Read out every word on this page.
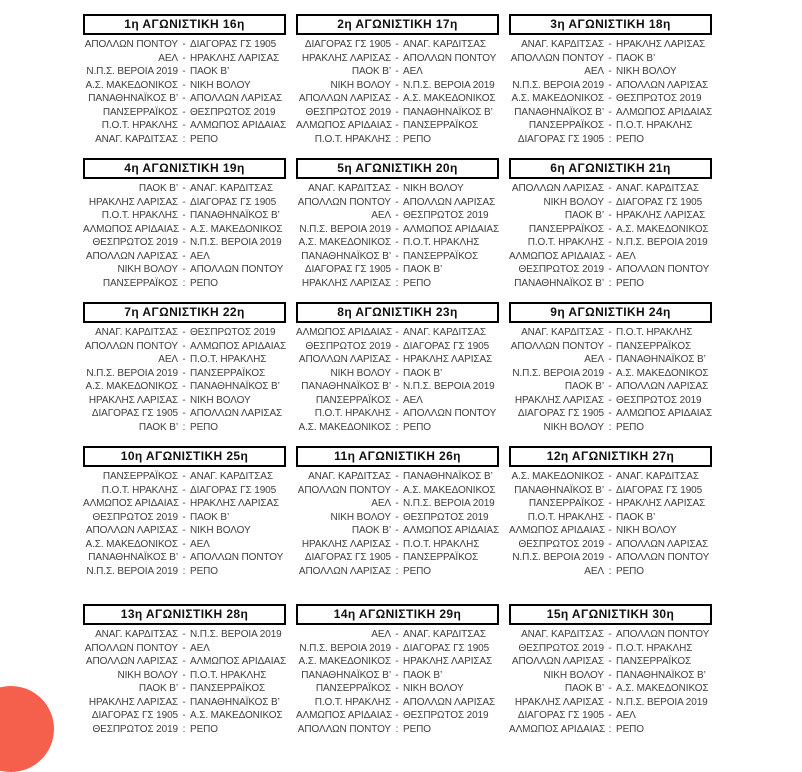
1η ΑΓΩΝΙΣΤΙΚΗ 16η
ΑΠΟΛΛΩΝ ΠΟΝΤΟΥ - ΔΙΑΓΟΡΑΣ ΓΣ 1905
ΑΕΛ - ΗΡΑΚΛΗΣ ΛΑΡΙΣΑΣ
Ν.Π.Σ. ΒΕΡΟΙΑ 2019 - ΠΑΟΚ Β’
Α.Σ. ΜΑΚΕΔΟΝΙΚΟΣ - ΝΙΚΗ ΒΟΛΟΥ
ΠΑΝΑΘΗΝΑΪΚΟΣ Β’ - ΑΠΟΛΛΩΝ ΛΑΡΙΣΑΣ
ΠΑΝΣΕΡΡΑΪΚΟΣ - ΘΕΣΠΡΩΤΟΣ 2019
Π.Ο.Τ. ΗΡΑΚΛΗΣ - ΑΛΜΩΠΟΣ ΑΡΙΔΑΙΑΣ
ΑΝΑΓ. ΚΑΡΔΙΤΣΑΣ : ΡΕΠΟ
2η ΑΓΩΝΙΣΤΙΚΗ 17η
ΔΙΑΓΟΡΑΣ ΓΣ 1905 - ΑΝΑΓ. ΚΑΡΔΙΤΣΑΣ
ΗΡΑΚΛΗΣ ΛΑΡΙΣΑΣ - ΑΠΟΛΛΩΝ ΠΟΝΤΟΥ
ΠΑΟΚ Β’ - ΑΕΛ
ΝΙΚΗ ΒΟΛΟΥ - Ν.Π.Σ. ΒΕΡΟΙΑ 2019
ΑΠΟΛΛΩΝ ΛΑΡΙΣΑΣ - Α.Σ. ΜΑΚΕΔΟΝΙΚΟΣ
ΘΕΣΠΡΩΤΟΣ 2019 - ΠΑΝΑΘΗΝΑΪΚΟΣ Β’
ΑΛΜΩΠΟΣ ΑΡΙΔΑΙΑΣ - ΠΑΝΣΕΡΡΑΪΚΟΣ
Π.Ο.Τ. ΗΡΑΚΛΗΣ : ΡΕΠΟ
3η ΑΓΩΝΙΣΤΙΚΗ 18η
ΑΝΑΓ. ΚΑΡΔΙΤΣΑΣ - ΗΡΑΚΛΗΣ ΛΑΡΙΣΑΣ
ΑΠΟΛΛΩΝ ΠΟΝΤΟΥ - ΠΑΟΚ Β’
ΑΕΛ - ΝΙΚΗ ΒΟΛΟΥ
Ν.Π.Σ. ΒΕΡΟΙΑ 2019 - ΑΠΟΛΛΩΝ ΛΑΡΙΣΑΣ
Α.Σ. ΜΑΚΕΔΟΝΙΚΟΣ - ΘΕΣΠΡΩΤΟΣ 2019
ΠΑΝΑΘΗΝΑΪΚΟΣ Β’ - ΑΛΜΩΠΟΣ ΑΡΙΔΑΙΑΣ
ΠΑΝΣΕΡΡΑΪΚΟΣ - Π.Ο.Τ. ΗΡΑΚΛΗΣ
ΔΙΑΓΟΡΑΣ ΓΣ 1905 : ΡΕΠΟ
4η ΑΓΩΝΙΣΤΙΚΗ 19η
ΠΑΟΚ Β’ - ΑΝΑΓ. ΚΑΡΔΙΤΣΑΣ
ΗΡΑΚΛΗΣ ΛΑΡΙΣΑΣ - ΔΙΑΓΟΡΑΣ ΓΣ 1905
Π.Ο.Τ. ΗΡΑΚΛΗΣ - ΠΑΝΑΘΗΝΑΪΚΟΣ Β’
ΑΛΜΩΠΟΣ ΑΡΙΔΑΙΑΣ - Α.Σ. ΜΑΚΕΔΟΝΙΚΟΣ
ΘΕΣΠΡΩΤΟΣ 2019 - Ν.Π.Σ. ΒΕΡΟΙΑ 2019
ΑΠΟΛΛΩΝ ΛΑΡΙΣΑΣ - ΑΕΛ
ΝΙΚΗ ΒΟΛΟΥ - ΑΠΟΛΛΩΝ ΠΟΝΤΟΥ
ΠΑΝΣΕΡΡΑΪΚΟΣ : ΡΕΠΟ
5η ΑΓΩΝΙΣΤΙΚΗ 20η
ΑΝΑΓ. ΚΑΡΔΙΤΣΑΣ - ΝΙΚΗ ΒΟΛΟΥ
ΑΠΟΛΛΩΝ ΠΟΝΤΟΥ - ΑΠΟΛΛΩΝ ΛΑΡΙΣΑΣ
ΑΕΛ - ΘΕΣΠΡΩΤΟΣ 2019
Ν.Π.Σ. ΒΕΡΟΙΑ 2019 - ΑΛΜΩΠΟΣ ΑΡΙΔΑΙΑΣ
Α.Σ. ΜΑΚΕΔΟΝΙΚΟΣ - Π.Ο.Τ. ΗΡΑΚΛΗΣ
ΠΑΝΑΘΗΝΑΪΚΟΣ Β’ - ΠΑΝΣΕΡΡΑΪΚΟΣ
ΔΙΑΓΟΡΑΣ ΓΣ 1905 - ΠΑΟΚ Β’
ΗΡΑΚΛΗΣ ΛΑΡΙΣΑΣ : ΡΕΠΟ
6η ΑΓΩΝΙΣΤΙΚΗ 21η
ΑΠΟΛΛΩΝ ΛΑΡΙΣΑΣ - ΑΝΑΓ. ΚΑΡΔΙΤΣΑΣ
ΝΙΚΗ ΒΟΛΟΥ - ΔΙΑΓΟΡΑΣ ΓΣ 1905
ΠΑΟΚ Β’ - ΗΡΑΚΛΗΣ ΛΑΡΙΣΑΣ
ΠΑΝΣΕΡΡΑΪΚΟΣ - Α.Σ. ΜΑΚΕΔΟΝΙΚΟΣ
Π.Ο.Τ. ΗΡΑΚΛΗΣ - Ν.Π.Σ. ΒΕΡΟΙΑ 2019
ΑΛΜΩΠΟΣ ΑΡΙΔΑΙΑΣ - ΑΕΛ
ΘΕΣΠΡΩΤΟΣ 2019 - ΑΠΟΛΛΩΝ ΠΟΝΤΟΥ
ΠΑΝΑΘΗΝΑΪΚΟΣ Β’ : ΡΕΠΟ
7η ΑΓΩΝΙΣΤΙΚΗ 22η
ΑΝΑΓ. ΚΑΡΔΙΤΣΑΣ - ΘΕΣΠΡΩΤΟΣ 2019
ΑΠΟΛΛΩΝ ΠΟΝΤΟΥ - ΑΛΜΩΠΟΣ ΑΡΙΔΑΙΑΣ
ΑΕΛ - Π.Ο.Τ. ΗΡΑΚΛΗΣ
Ν.Π.Σ. ΒΕΡΟΙΑ 2019 - ΠΑΝΣΕΡΡΑΪΚΟΣ
Α.Σ. ΜΑΚΕΔΟΝΙΚΟΣ - ΠΑΝΑΘΗΝΑΪΚΟΣ Β’
ΗΡΑΚΛΗΣ ΛΑΡΙΣΑΣ - ΝΙΚΗ ΒΟΛΟΥ
ΔΙΑΓΟΡΑΣ ΓΣ 1905 - ΑΠΟΛΛΩΝ ΛΑΡΙΣΑΣ
ΠΑΟΚ Β’ : ΡΕΠΟ
8η ΑΓΩΝΙΣΤΙΚΗ 23η
ΑΛΜΩΠΟΣ ΑΡΙΔΑΙΑΣ - ΑΝΑΓ. ΚΑΡΔΙΤΣΑΣ
ΘΕΣΠΡΩΤΟΣ 2019 - ΔΙΑΓΟΡΑΣ ΓΣ 1905
ΑΠΟΛΛΩΝ ΛΑΡΙΣΑΣ - ΗΡΑΚΛΗΣ ΛΑΡΙΣΑΣ
ΝΙΚΗ ΒΟΛΟΥ - ΠΑΟΚ Β’
ΠΑΝΑΘΗΝΑΪΚΟΣ Β’ - Ν.Π.Σ. ΒΕΡΟΙΑ 2019
ΠΑΝΣΕΡΡΑΪΚΟΣ - ΑΕΛ
Π.Ο.Τ. ΗΡΑΚΛΗΣ - ΑΠΟΛΛΩΝ ΠΟΝΤΟΥ
Α.Σ. ΜΑΚΕΔΟΝΙΚΟΣ : ΡΕΠΟ
9η ΑΓΩΝΙΣΤΙΚΗ 24η
ΑΝΑΓ. ΚΑΡΔΙΤΣΑΣ - Π.Ο.Τ. ΗΡΑΚΛΗΣ
ΑΠΟΛΛΩΝ ΠΟΝΤΟΥ - ΠΑΝΣΕΡΡΑΪΚΟΣ
ΑΕΛ - ΠΑΝΑΘΗΝΑΪΚΟΣ Β’
Ν.Π.Σ. ΒΕΡΟΙΑ 2019 - Α.Σ. ΜΑΚΕΔΟΝΙΚΟΣ
ΠΑΟΚ Β’ - ΑΠΟΛΛΩΝ ΛΑΡΙΣΑΣ
ΗΡΑΚΛΗΣ ΛΑΡΙΣΑΣ - ΘΕΣΠΡΩΤΟΣ 2019
ΔΙΑΓΟΡΑΣ ΓΣ 1905 - ΑΛΜΩΠΟΣ ΑΡΙΔΑΙΑΣ
ΝΙΚΗ ΒΟΛΟΥ : ΡΕΠΟ
10η ΑΓΩΝΙΣΤΙΚΗ 25η
ΠΑΝΣΕΡΡΑΪΚΟΣ - ΑΝΑΓ. ΚΑΡΔΙΤΣΑΣ
Π.Ο.Τ. ΗΡΑΚΛΗΣ - ΔΙΑΓΟΡΑΣ ΓΣ 1905
ΑΛΜΩΠΟΣ ΑΡΙΔΑΙΑΣ - ΗΡΑΚΛΗΣ ΛΑΡΙΣΑΣ
ΘΕΣΠΡΩΤΟΣ 2019 - ΠΑΟΚ Β’
ΑΠΟΛΛΩΝ ΛΑΡΙΣΑΣ - ΝΙΚΗ ΒΟΛΟΥ
Α.Σ. ΜΑΚΕΔΟΝΙΚΟΣ - ΑΕΛ
ΠΑΝΑΘΗΝΑΪΚΟΣ Β’ - ΑΠΟΛΛΩΝ ΠΟΝΤΟΥ
Ν.Π.Σ. ΒΕΡΟΙΑ 2019 : ΡΕΠΟ
11η ΑΓΩΝΙΣΤΙΚΗ 26η
ΑΝΑΓ. ΚΑΡΔΙΤΣΑΣ - ΠΑΝΑΘΗΝΑΪΚΟΣ Β’
ΑΠΟΛΛΩΝ ΠΟΝΤΟΥ - Α.Σ. ΜΑΚΕΔΟΝΙΚΟΣ
ΑΕΛ - Ν.Π.Σ. ΒΕΡΟΙΑ 2019
ΝΙΚΗ ΒΟΛΟΥ - ΘΕΣΠΡΩΤΟΣ 2019
ΠΑΟΚ Β’ - ΑΛΜΩΠΟΣ ΑΡΙΔΑΙΑΣ
ΗΡΑΚΛΗΣ ΛΑΡΙΣΑΣ - Π.Ο.Τ. ΗΡΑΚΛΗΣ
ΔΙΑΓΟΡΑΣ ΓΣ 1905 - ΠΑΝΣΕΡΡΑΪΚΟΣ
ΑΠΟΛΛΩΝ ΛΑΡΙΣΑΣ : ΡΕΠΟ
12η ΑΓΩΝΙΣΤΙΚΗ 27η
Α.Σ. ΜΑΚΕΔΟΝΙΚΟΣ - ΑΝΑΓ. ΚΑΡΔΙΤΣΑΣ
ΠΑΝΑΘΗΝΑΪΚΟΣ Β’ - ΔΙΑΓΟΡΑΣ ΓΣ 1905
ΠΑΝΣΕΡΡΑΪΚΟΣ - ΗΡΑΚΛΗΣ ΛΑΡΙΣΑΣ
Π.Ο.Τ. ΗΡΑΚΛΗΣ - ΠΑΟΚ Β’
ΑΛΜΩΠΟΣ ΑΡΙΔΑΙΑΣ - ΝΙΚΗ ΒΟΛΟΥ
ΘΕΣΠΡΩΤΟΣ 2019 - ΑΠΟΛΛΩΝ ΛΑΡΙΣΑΣ
Ν.Π.Σ. ΒΕΡΟΙΑ 2019 - ΑΠΟΛΛΩΝ ΠΟΝΤΟΥ
ΑΕΛ : ΡΕΠΟ
13η ΑΓΩΝΙΣΤΙΚΗ 28η
ΑΝΑΓ. ΚΑΡΔΙΤΣΑΣ - Ν.Π.Σ. ΒΕΡΟΙΑ 2019
ΑΠΟΛΛΩΝ ΠΟΝΤΟΥ - ΑΕΛ
ΑΠΟΛΛΩΝ ΛΑΡΙΣΑΣ - ΑΛΜΩΠΟΣ ΑΡΙΔΑΙΑΣ
ΝΙΚΗ ΒΟΛΟΥ - Π.Ο.Τ. ΗΡΑΚΛΗΣ
ΠΑΟΚ Β’ - ΠΑΝΣΕΡΡΑΪΚΟΣ
ΗΡΑΚΛΗΣ ΛΑΡΙΣΑΣ - ΠΑΝΑΘΗΝΑΪΚΟΣ Β’
ΔΙΑΓΟΡΑΣ ΓΣ 1905 - Α.Σ. ΜΑΚΕΔΟΝΙΚΟΣ
ΘΕΣΠΡΩΤΟΣ 2019 : ΡΕΠΟ
14η ΑΓΩΝΙΣΤΙΚΗ 29η
ΑΕΛ - ΑΝΑΓ. ΚΑΡΔΙΤΣΑΣ
Ν.Π.Σ. ΒΕΡΟΙΑ 2019 - ΔΙΑΓΟΡΑΣ ΓΣ 1905
Α.Σ. ΜΑΚΕΔΟΝΙΚΟΣ - ΗΡΑΚΛΗΣ ΛΑΡΙΣΑΣ
ΠΑΝΑΘΗΝΑΪΚΟΣ Β’ - ΠΑΟΚ Β’
ΠΑΝΣΕΡΡΑΪΚΟΣ - ΝΙΚΗ ΒΟΛΟΥ
Π.Ο.Τ. ΗΡΑΚΛΗΣ - ΑΠΟΛΛΩΝ ΛΑΡΙΣΑΣ
ΑΛΜΩΠΟΣ ΑΡΙΔΑΙΑΣ - ΘΕΣΠΡΩΤΟΣ 2019
ΑΠΟΛΛΩΝ ΠΟΝΤΟΥ : ΡΕΠΟ
15η ΑΓΩΝΙΣΤΙΚΗ 30η
ΑΝΑΓ. ΚΑΡΔΙΤΣΑΣ - ΑΠΟΛΛΩΝ ΠΟΝΤΟΥ
ΘΕΣΠΡΩΤΟΣ 2019 - Π.Ο.Τ. ΗΡΑΚΛΗΣ
ΑΠΟΛΛΩΝ ΛΑΡΙΣΑΣ - ΠΑΝΣΕΡΡΑΪΚΟΣ
ΝΙΚΗ ΒΟΛΟΥ - ΠΑΝΑΘΗΝΑΪΚΟΣ Β’
ΠΑΟΚ Β’ - Α.Σ. ΜΑΚΕΔΟΝΙΚΟΣ
ΗΡΑΚΛΗΣ ΛΑΡΙΣΑΣ - Ν.Π.Σ. ΒΕΡΟΙΑ 2019
ΔΙΑΓΟΡΑΣ ΓΣ 1905 - ΑΕΛ
ΑΛΜΩΠΟΣ ΑΡΙΔΑΙΑΣ : ΡΕΠΟ
